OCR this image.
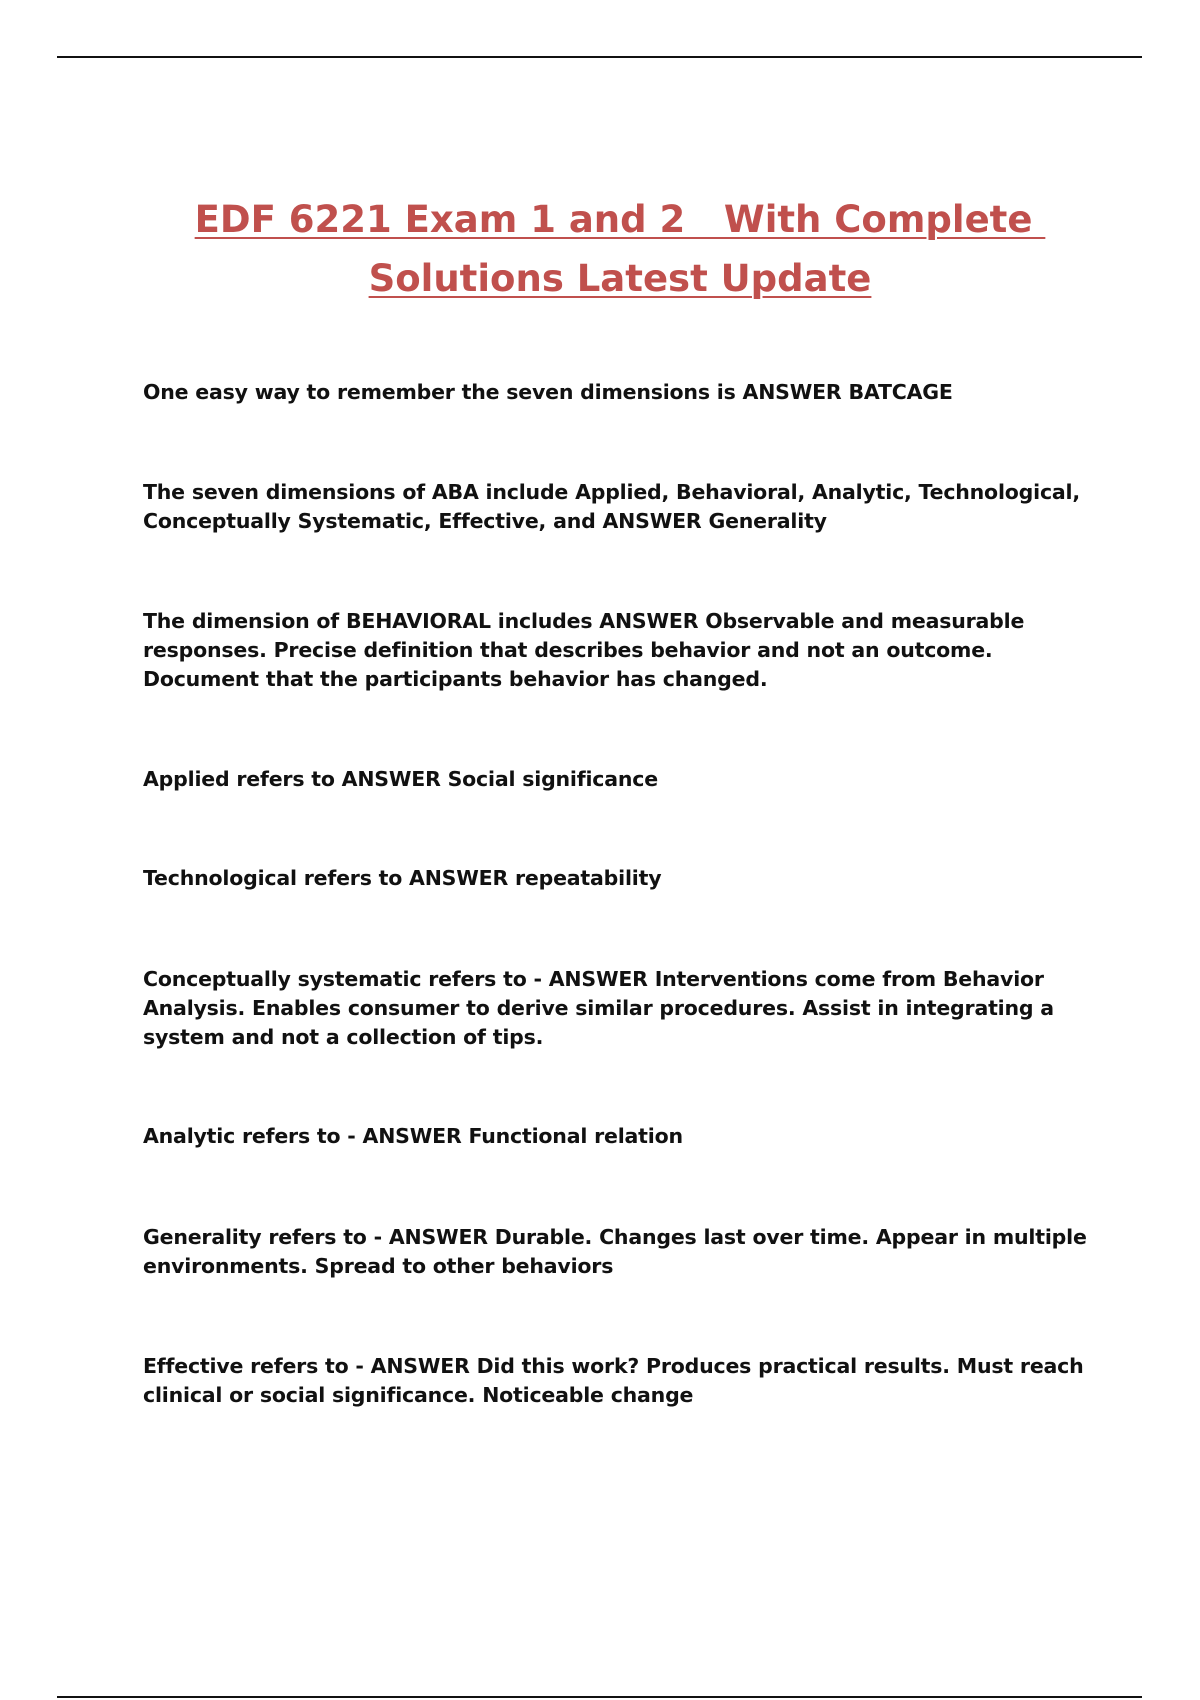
EDF 6221 Exam 1 and 2   With Complete
Solutions Latest Update

One easy way to remember the seven dimensions is ANSWER BATCAGE

The seven dimensions of ABA include Applied, Behavioral, Analytic, Technological, Conceptually Systematic, Effective, and ANSWER Generality

The dimension of BEHAVIORAL includes ANSWER Observable and measurable responses. Precise definition that describes behavior and not an outcome. Document that the participants behavior has changed.

Applied refers to ANSWER Social significance

Technological refers to ANSWER repeatability

Conceptually systematic refers to - ANSWER Interventions come from Behavior Analysis. Enables consumer to derive similar procedures. Assist in integrating a system and not a collection of tips.

Analytic refers to - ANSWER Functional relation

Generality refers to - ANSWER Durable. Changes last over time. Appear in multiple environments. Spread to other behaviors

Effective refers to - ANSWER Did this work? Produces practical results. Must reach clinical or social significance. Noticeable change
